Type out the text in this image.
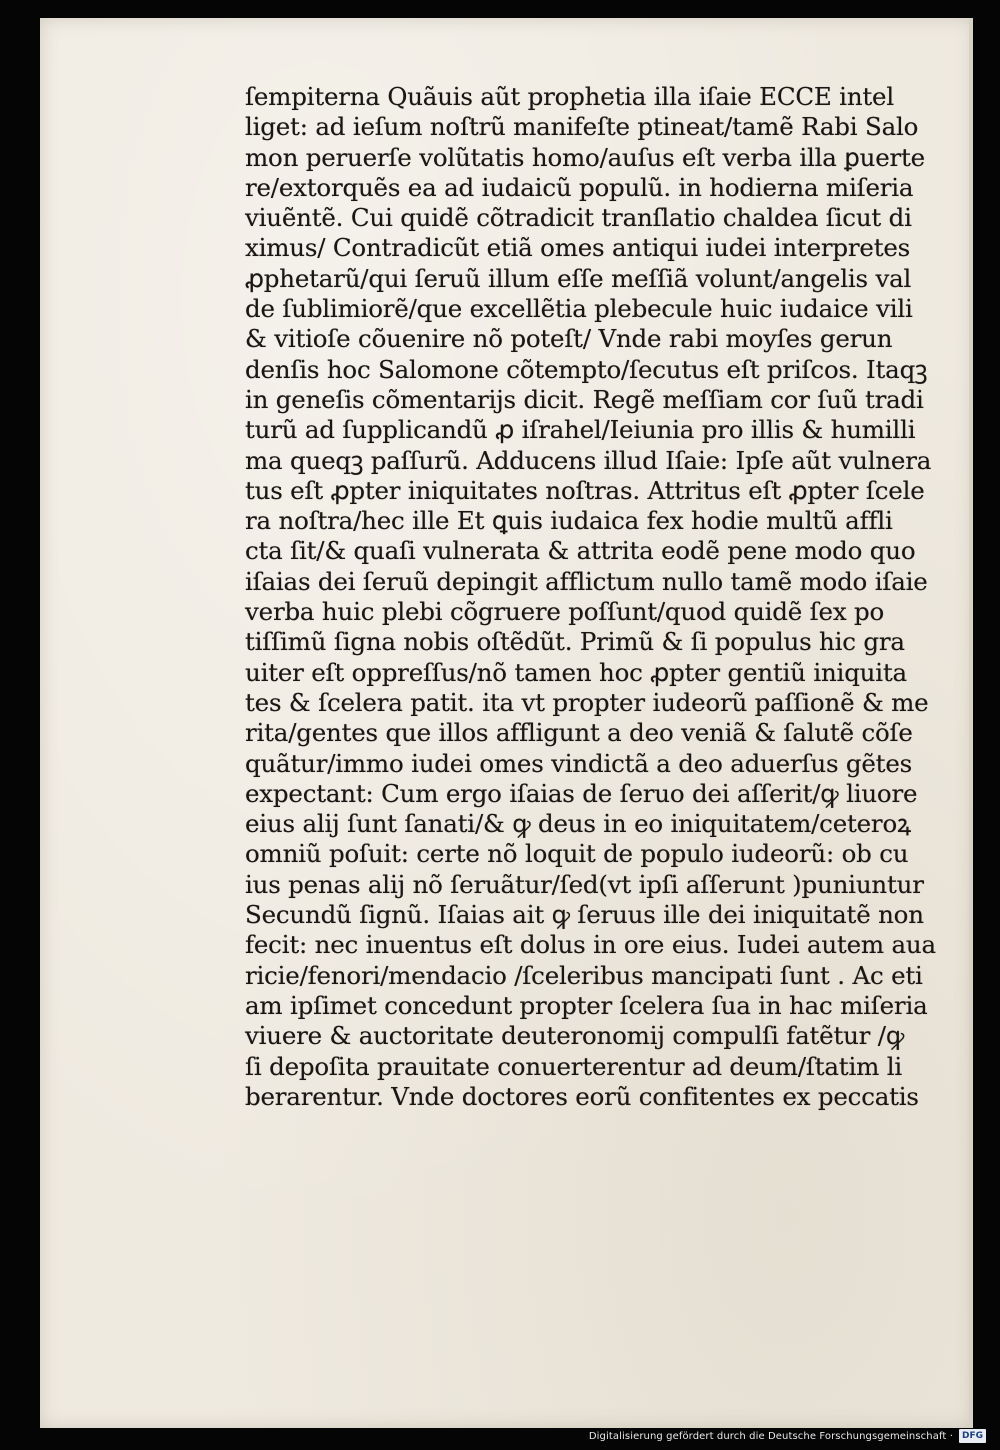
ſempiterna Quãuis aũt prophetia illa iſaie ECCE intel
liget: ad ieſum noſtrũ manifeſte ptineat/tamẽ Rabi Salo
mon peruerſe volũtatis homo/auſus eſt verba illa ꝑuerte
re/extorquẽs ea ad iudaicũ populũ. in hodierna miſeria
viuẽntẽ. Cui quidẽ cõtradicit tranſlatio chaldea ſicut di
ximus/ Contradicũt etiã omes antiqui iudei interpretes
ꝓphetarũ/qui ſeruũ illum eſſe meſſiã volunt/angelis val
de ſublimiorẽ/que excellẽtia plebecule huic iudaice vili
& vitioſe cõuenire nõ poteſt/ Vnde rabi moyſes gerun
denſis hoc Salomone cõtempto/ſecutus eſt priſcos. Itaqꝫ
in geneſis cõmentarijs dicit. Regẽ meſſiam cor ſuũ tradi
turũ ad ſupplicandũ ꝓ iſrahel/Ieiunia pro illis & humilli
ma queqꝫ paſſurũ. Adducens illud Iſaie: Ipſe aũt vulnera
tus eſt ꝓpter iniquitates noſtras. Attritus eſt ꝓpter ſcele
ra noſtra/hec ille Et ꝗuis iudaica fex hodie multũ affli
cta ſit/& quaſi vulnerata & attrita eodẽ pene modo quo
iſaias dei ſeruũ depingit afflictum nullo tamẽ modo iſaie
verba huic plebi cõgruere poſſunt/quod quidẽ ſex po
tiſſimũ ſigna nobis oſtẽdũt. Primũ & ſi populus hic gra
uiter eſt oppreſſus/nõ tamen hoc ꝓpter gentiũ iniquita
tes & ſcelera patit. ita vt propter iudeorũ paſſionẽ & me
rita/gentes que illos affligunt a deo veniã & ſalutẽ cõſe
quãtur/immo iudei omes vindictã a deo aduerſus gẽtes
expectant: Cum ergo iſaias de ſeruo dei aſſerit/ꝙ liuore
eius alij ſunt ſanati/& ꝙ deus in eo iniquitatem/ceteroꝝ
omniũ poſuit: certe nõ loquit de populo iudeorũ: ob cu
ius penas alij nõ ſeruãtur/ſed(vt ipſi aſſerunt )puniuntur
Secundũ ſignũ. Iſaias ait ꝙ ſeruus ille dei iniquitatẽ non
fecit: nec inuentus eſt dolus in ore eius. Iudei autem aua
ricie/fenori/mendacio /ſceleribus mancipati ſunt . Ac eti
am ipſimet concedunt propter ſcelera ſua in hac miſeria
viuere & auctoritate deuteronomij compulſi fatẽtur /ꝙ
ſi depoſita prauitate conuerterentur ad deum/ſtatim li
berarentur. Vnde doctores eorũ confitentes ex peccatis
Digitalisierung gefördert durch die Deutsche Forschungsgemeinschaft ·	DFG
